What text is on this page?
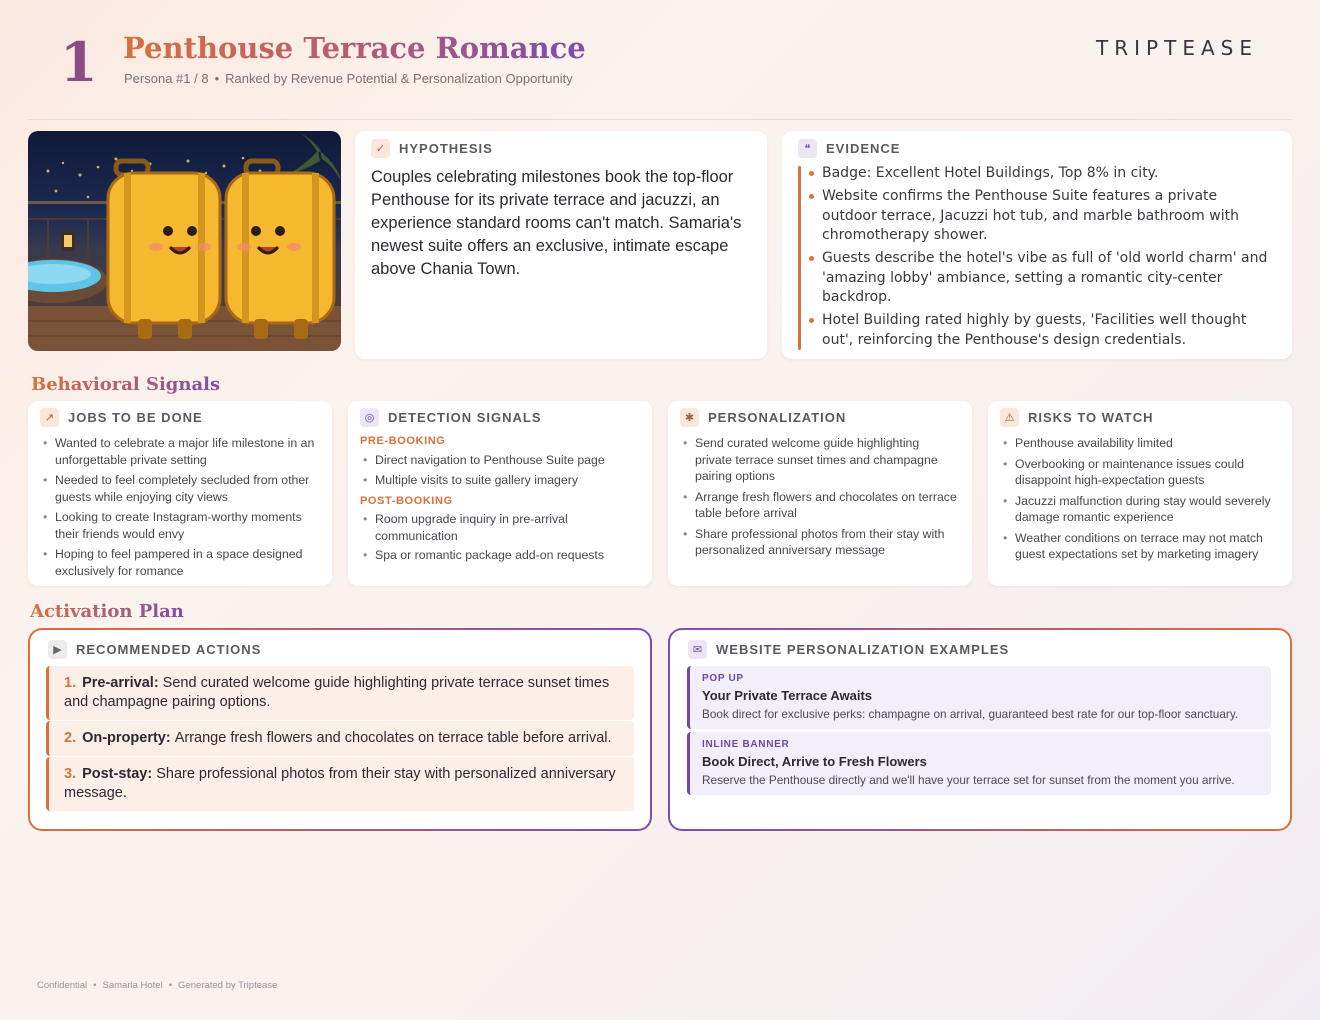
1 Penthouse Terrace Romance
Persona #1 / 8 • Ranked by Revenue Potential & Personalization Opportunity
TRIPTEASE
✓	HYPOTHESIS
Couples celebrating milestones book the top-floor Penthouse for its private terrace and jacuzzi, an experience standard rooms can't match. Samaria's newest suite offers an exclusive, intimate escape above Chania Town.
❝	EVIDENCE
Badge: Excellent Hotel Buildings, Top 8% in city.
Website confirms the Penthouse Suite features a private outdoor terrace, Jacuzzi hot tub, and marble bathroom with chromotherapy shower.
Guests describe the hotel's vibe as full of 'old world charm' and 'amazing lobby' ambiance, setting a romantic city-center backdrop.
Hotel Building rated highly by guests, 'Facilities well thought out', reinforcing the Penthouse's design credentials.
Behavioral Signals
↗	JOBS TO BE DONE
• Wanted to celebrate a major life milestone in an unforgettable private setting
• Needed to feel completely secluded from other guests while enjoying city views
• Looking to create Instagram-worthy moments their friends would envy
• Hoping to feel pampered in a space designed exclusively for romance
◎	DETECTION SIGNALS
PRE-BOOKING
• Direct navigation to Penthouse Suite page
• Multiple visits to suite gallery imagery
POST-BOOKING
• Room upgrade inquiry in pre-arrival communication
• Spa or romantic package add-on requests
✱	PERSONALIZATION
• Send curated welcome guide highlighting private terrace sunset times and champagne pairing options
• Arrange fresh flowers and chocolates on terrace table before arrival
• Share professional photos from their stay with personalized anniversary message
⚠	RISKS TO WATCH
• Penthouse availability limited
• Overbooking or maintenance issues could disappoint high-expectation guests
• Jacuzzi malfunction during stay would severely damage romantic experience
• Weather conditions on terrace may not match guest expectations set by marketing imagery
Activation Plan
▶	RECOMMENDED ACTIONS
1. Pre-arrival: Send curated welcome guide highlighting private terrace sunset times and champagne pairing options.
2. On-property: Arrange fresh flowers and chocolates on terrace table before arrival.
3. Post-stay: Share professional photos from their stay with personalized anniversary message.
✉	WEBSITE PERSONALIZATION EXAMPLES
POP UP
Your Private Terrace Awaits
Book direct for exclusive perks: champagne on arrival, guaranteed best rate for our top-floor sanctuary.
INLINE BANNER
Book Direct, Arrive to Fresh Flowers
Reserve the Penthouse directly and we'll have your terrace set for sunset from the moment you arrive.
Confidential • Samaria Hotel • Generated by Triptease
